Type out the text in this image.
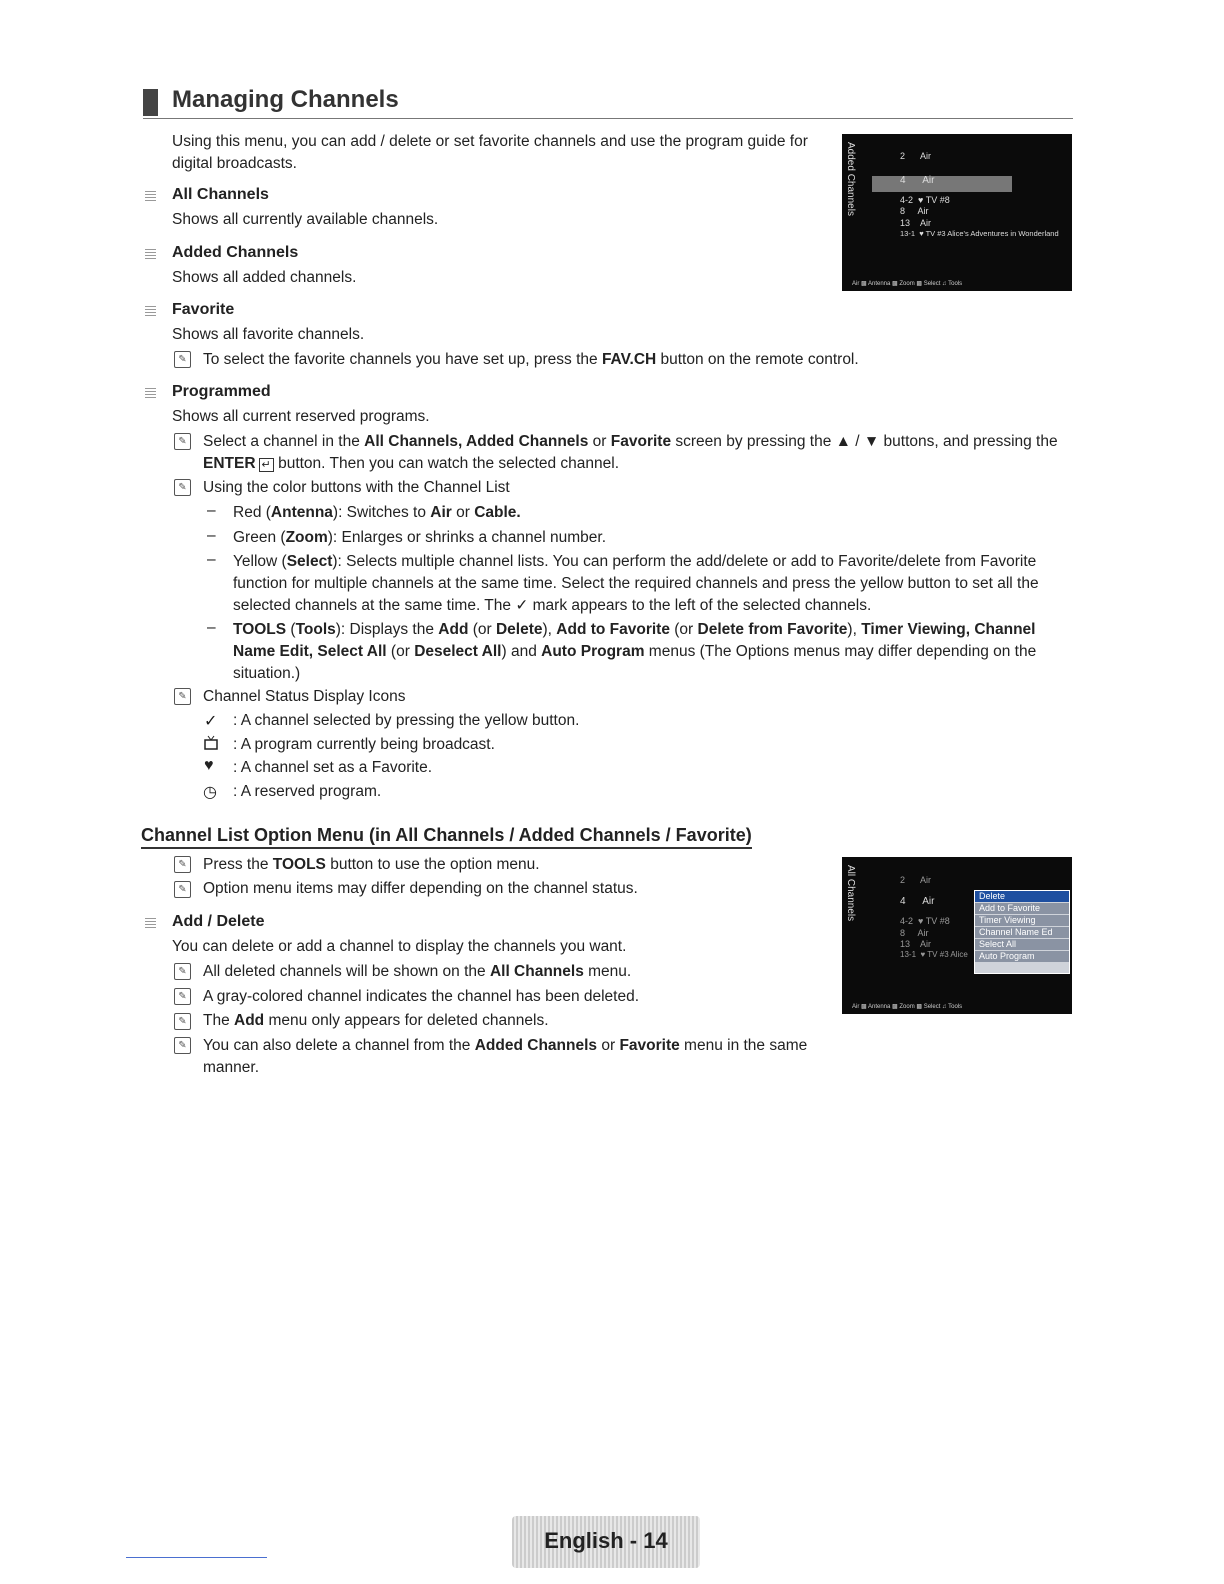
Managing Channels
Using this menu, you can add / delete or set favorite channels and use the program guide for digital broadcasts.
All Channels
Shows all currently available channels.
Added Channels
Shows all added channels.
Favorite
Shows all favorite channels.
✎ To select the favorite channels you have set up, press the FAV.CH button on the remote control.
Programmed
Shows all current reserved programs.
✎ Select a channel in the All Channels, Added Channels or Favorite screen by pressing the ▲ / ▼ buttons, and pressing the
ENTER ↵ button. Then you can watch the selected channel.
✎ Using the color buttons with the Channel List
– Red (Antenna): Switches to Air or Cable.
– Green (Zoom): Enlarges or shrinks a channel number.
– Yellow (Select): Selects multiple channel lists. You can perform the add/delete or add to Favorite/delete from Favorite
function for multiple channels at the same time. Select the required channels and press the yellow button to set all the
selected channels at the same time. The ✓ mark appears to the left of the selected channels.
– TOOLS (Tools): Displays the Add (or Delete), Add to Favorite (or Delete from Favorite), Timer Viewing, Channel
Name Edit, Select All (or Deselect All) and Auto Program menus (The Options menus may differ depending on the
situation.)
✎ Channel Status Display Icons
✓ : A channel selected by pressing the yellow button.
: A program currently being broadcast.
♥ : A channel set as a Favorite.
◷ : A reserved program.
Channel List Option Menu (in All Channels / Added Channels / Favorite)
✎ Press the TOOLS button to use the option menu.
✎ Option menu items may differ depending on the channel status.
Add / Delete
You can delete or add a channel to display the channels you want.
✎ All deleted channels will be shown on the All Channels menu.
✎ A gray-colored channel indicates the channel has been deleted.
✎ The Add menu only appears for deleted channels.
✎ You can also delete a channel from the Added Channels or Favorite menu in the same
manner.
Added Channels	2 Air
4 Air
4-2 ♥ TV #8
8 Air
13 Air
13-1 ♥ TV #3 Alice's Adventures in Wonderland
Air ▩ Antenna ▩ Zoom ▩ Select ♫ Tools
All Channels	2 Air
4 Air
4-2 ♥ TV #8
8 Air
13 Air
13-1 ♥ TV #3 Alice
Delete
Add to Favorite
Timer Viewing
Channel Name Ed
Select All
Auto Program
Air ▩ Antenna ▩ Zoom ▩ Select ♫ Tools
English - 14
